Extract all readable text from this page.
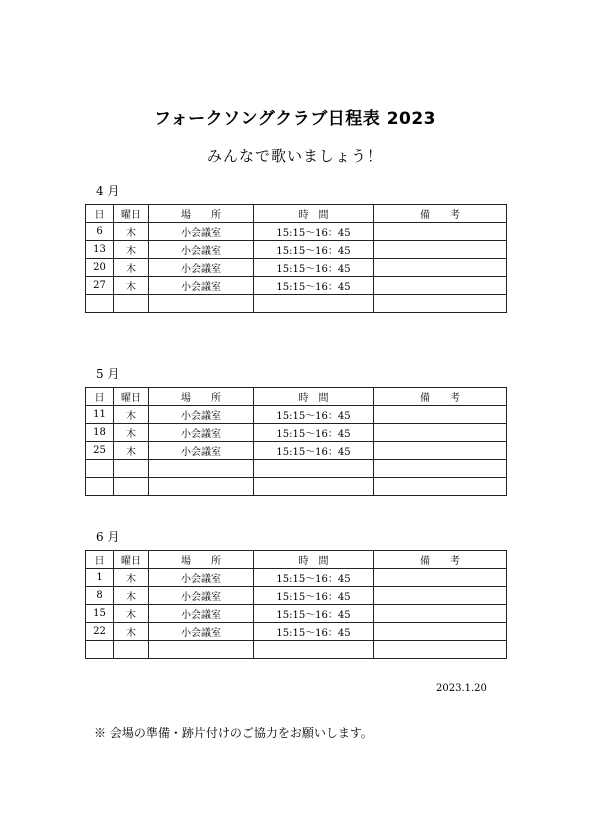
フォークソングクラブ日程表 2023
みんなで歌いましょう！
4 月
日	曜日	場　　所	時　間	備　　考
6	木	小会議室	15:15～16：45	
13	木	小会議室	15:15～16：45	
20	木	小会議室	15:15～16：45	
27	木	小会議室	15:15～16：45	

5 月
日	曜日	場　　所	時　間	備　　考
11	木	小会議室	15:15～16：45	
18	木	小会議室	15:15～16：45	
25	木	小会議室	15:15～16：45	

6 月
日	曜日	場　　所	時　間	備　　考
1	木	小会議室	15:15～16：45	
8	木	小会議室	15:15～16：45	
15	木	小会議室	15:15～16：45	
22	木	小会議室	15:15～16：45	

2023.1.20
※ 会場の準備・跡片付けのご協力をお願いします。
